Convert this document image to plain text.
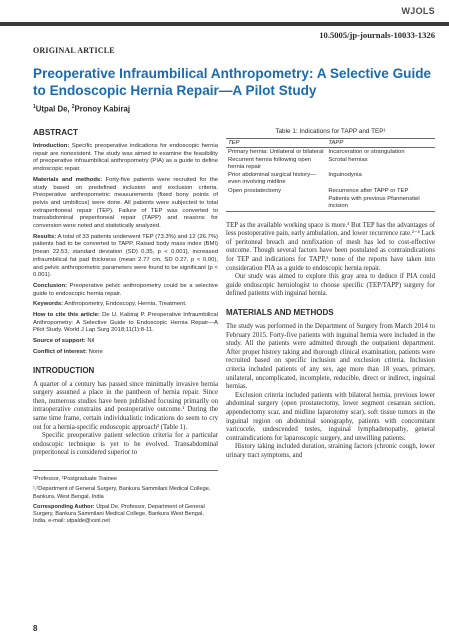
WJOLS
10.5005/jp-journals-10033-1326
ORIGINAL ARTICLE
Preoperative Infraumbilical Anthropometry: A Selective Guide to Endoscopic Hernia Repair—A Pilot Study
$^1$Utpal De, $^2$Pronoy Kabiraj
ABSTRACT

Introduction: Specific preoperative indications for endoscopic hernia repair are nonexistent. The study was aimed to examine the feasibility of preoperative infraumbilical anthropometry (PIA) as a guide to define endoscopic repair.

Materials and methods: Forty-five patients were recruited for the study based on predefined inclusion and exclusion criteria. Preoperative anthropometric measurements (fixed bony points of pelvis and umbilicus) were done. All patients were subjected to total extraperitoneal repair (TEP). Failure of TEP was converted to transabdominal preperitoneal repair (TAPP) and reasons for conversion were noted and statistically analyzed.

Results: A total of 33 patients underwent TEP (73.3%) and 12 (26.7%) patients had to be converted to TAPP. Raised body mass index (BMI) [mean 22.53, standard deviation (SD) 0.35, p < 0.001], increased infraumbilical fat pad thickness (mean 2.77 cm, SD 0.27, p < 0.00), and pelvic anthropometric parameters were found to be significant (p < 0.001).

Conclusion: Preoperative pelvic anthropometry could be a selective guide to endoscopic hernia repair.

Keywords: Anthropometry, Endoscopy, Hernia, Treatment.

How to cite this article: De U, Kabiraj P. Preoperative Infraumbilical Anthropometry: A Selective Guide to Endoscopic Hernia Repair—A Pilot Study. World J Lap Surg 2018;11(1):8-11.

Source of support: Nil

Conflict of interest: None

INTRODUCTION

A quarter of a century has passed since minimally invasive hernia surgery assumed a place in the pantheon of hernia repair. Since then, numerous studies have been published focusing primarily on intraoperative constrains and postoperative outcome.¹ During the same time frame, certain individualistic indications do seem to cry out for a hernia-specific endoscopic approach² (Table 1).

Specific preoperative patient selection criteria for a particular endoscopic technique is yet to be evolved. Transabdominal preperitoneal is considered superior to

¹Professor, ²Postgraduate Trainee

¹,²Department of General Surgery, Bankura Sammilani Medical College, Bankura, West Bengal, India

Corresponding Author: Utpal De, Professor, Department of General Surgery, Bankura Sammilani Medical College, Bankura West Bengal, India, e-mail: utpalde@vsnl.net

Table 1: Indications for TAPP and TEP¹
TEP	TAPP
Primary hernia: Unilateral or bilateral	Incarceration or strangulation
Recurrent hernia following open hernia repair	Scrotal hernias
Prior abdominal surgical history—even involving midline	Inguinodynia
Open prostatectomy	Recurrence after TAPP or TEP
	Patients with previous Pfannenstiel incision

TEP as the available working space is more.³ But TEP has the advantages of less postoperative pain, early ambulation, and lower recurrence rate.²⁻⁴ Lack of peritoneal breach and nonfixation of mesh has led to cost-effective outcome. Though several factors have been postulated as contraindications for TEP and indications for TAPP,⁵ none of the reports have taken into consideration PIA as a guide to endoscopic hernia repair.

Our study was aimed to explore this gray area to deduce if PIA could guide endoscopic herniologist to choose specific (TEP/TAPP) surgery for defined patients with inguinal hernia.

MATERIALS AND METHODS

The study was performed in the Department of Surgery from March 2014 to February 2015. Forty-five patients with inguinal hernia were included in the study. All the patients were admitted through the outpatient department. After proper history taking and thorough clinical examination, patients were recruited based on specific inclusion and exclusion criteria. Inclusion criteria included patients of any sex, age more than 18 years, primary, unilateral, uncomplicated, incomplete, reducible, direct or indirect, inguinal hernias.

Exclusion criteria included patients with bilateral hernia, previous lower abdominal surgery (open prostatectomy, lower segment cesarean section, appendectomy scar, and midline laparotomy scar), soft tissue tumors in the inguinal region on abdominal sonography, patients with concomitant varicocele, undescended testes, inguinal lymphadenopathy, general contraindications for laparoscopic surgery, and unwilling patients.

History taking included duration, straining factors (chronic cough, lower urinary tract symptoms, and

8
